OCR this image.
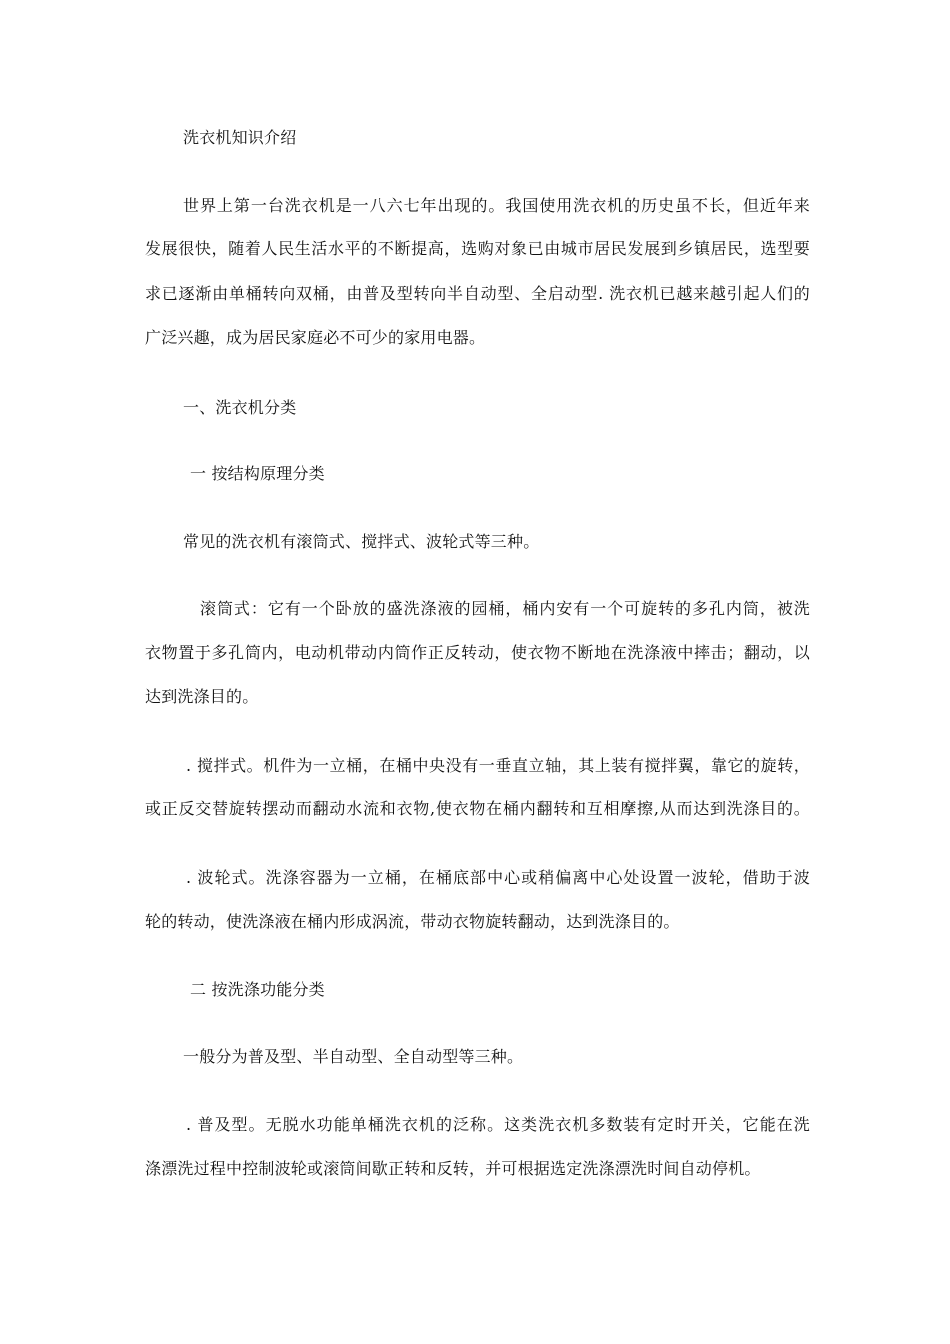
洗衣机知识介绍
世界上第一台洗衣机是一八六七年出现的。我国使用洗衣机的历史虽不长，但近年来
发展很快，随着人民生活水平的不断提高，选购对象已由城市居民发展到乡镇居民，选型要
求已逐渐由单桶转向双桶，由普及型转向半自动型、全启动型. 洗衣机已越来越引起人们的
广泛兴趣，成为居民家庭必不可少的家用电器。
一、洗衣机分类
一 按结构原理分类
常见的洗衣机有滚筒式、搅拌式、波轮式等三种。
滚筒式：它有一个卧放的盛洗涤液的园桶，桶内安有一个可旋转的多孔内筒，被洗
衣物置于多孔筒内，电动机带动内筒作正反转动，使衣物不断地在洗涤液中摔击；翻动，以
达到洗涤目的。
. 搅拌式。机件为一立桶，在桶中央没有一垂直立轴，其上装有搅拌翼，靠它的旋转，
或正反交替旋转摆动而翻动水流和衣物,使衣物在桶内翻转和互相摩擦,从而达到洗涤目的。
. 波轮式。洗涤容器为一立桶，在桶底部中心或稍偏离中心处设置一波轮，借助于波
轮的转动，使洗涤液在桶内形成涡流，带动衣物旋转翻动，达到洗涤目的。
二 按洗涤功能分类
一般分为普及型、半自动型、全自动型等三种。
. 普及型。无脱水功能单桶洗衣机的泛称。这类洗衣机多数装有定时开关，它能在洗
涤漂洗过程中控制波轮或滚筒间歇正转和反转，并可根据选定洗涤漂洗时间自动停机。
